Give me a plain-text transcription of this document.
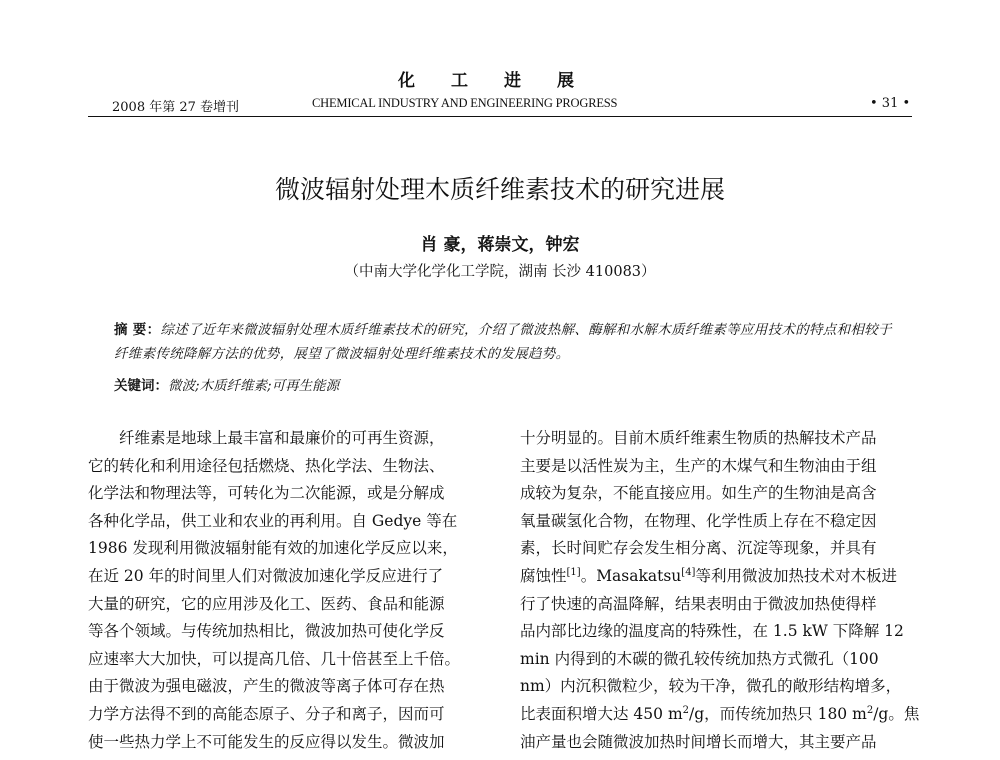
化工进展
2008 年第 27 卷增刊	CHEMICAL INDUSTRY AND ENGINEERING PROGRESS	• 31 •
微波辐射处理木质纤维素技术的研究进展
肖 豪，蒋崇文，钟宏
（中南大学化学化工学院，湖南 长沙 410083）
摘 要：综述了近年来微波辐射处理木质纤维素技术的研究，介绍了微波热解、酶解和水解木质纤维素等应用技术的特点和相较于纤维素传统降解方法的优势，展望了微波辐射处理纤维素技术的发展趋势。
关键词：微波;木质纤维素;可再生能源
　　纤维素是地球上最丰富和最廉价的可再生资源，
它的转化和利用途径包括燃烧、热化学法、生物法、
化学法和物理法等，可转化为二次能源，或是分解成
各种化学品，供工业和农业的再利用。自 Gedye 等在
1986 发现利用微波辐射能有效的加速化学反应以来，
在近 20 年的时间里人们对微波加速化学反应进行了
大量的研究，它的应用涉及化工、医药、食品和能源
等各个领域。与传统加热相比，微波加热可使化学反
应速率大大加快，可以提高几倍、几十倍甚至上千倍。
由于微波为强电磁波，产生的微波等离子体可存在热
力学方法得不到的高能态原子、分子和离子，因而可
使一些热力学上不可能发生的反应得以发生。微波加
十分明显的。目前木质纤维素生物质的热解技术产品
主要是以活性炭为主，生产的木煤气和生物油由于组
成较为复杂，不能直接应用。如生产的生物油是高含
氧量碳氢化合物，在物理、化学性质上存在不稳定因
素，长时间贮存会发生相分离、沉淀等现象，并具有
腐蚀性[1]。Masakatsu[4]等利用微波加热技术对木板进
行了快速的高温降解，结果表明由于微波加热使得样
品内部比边缘的温度高的特殊性，在 1.5 kW 下降解 12
min 内得到的木碳的微孔较传统加热方式微孔（100
nm）内沉积微粒少，较为干净，微孔的敞形结构增多，
比表面积增大达 450 $m^2/g$，而传统加热只 180 $m^2/g$。焦
油产量也会随微波加热时间增长而增大，其主要产品
